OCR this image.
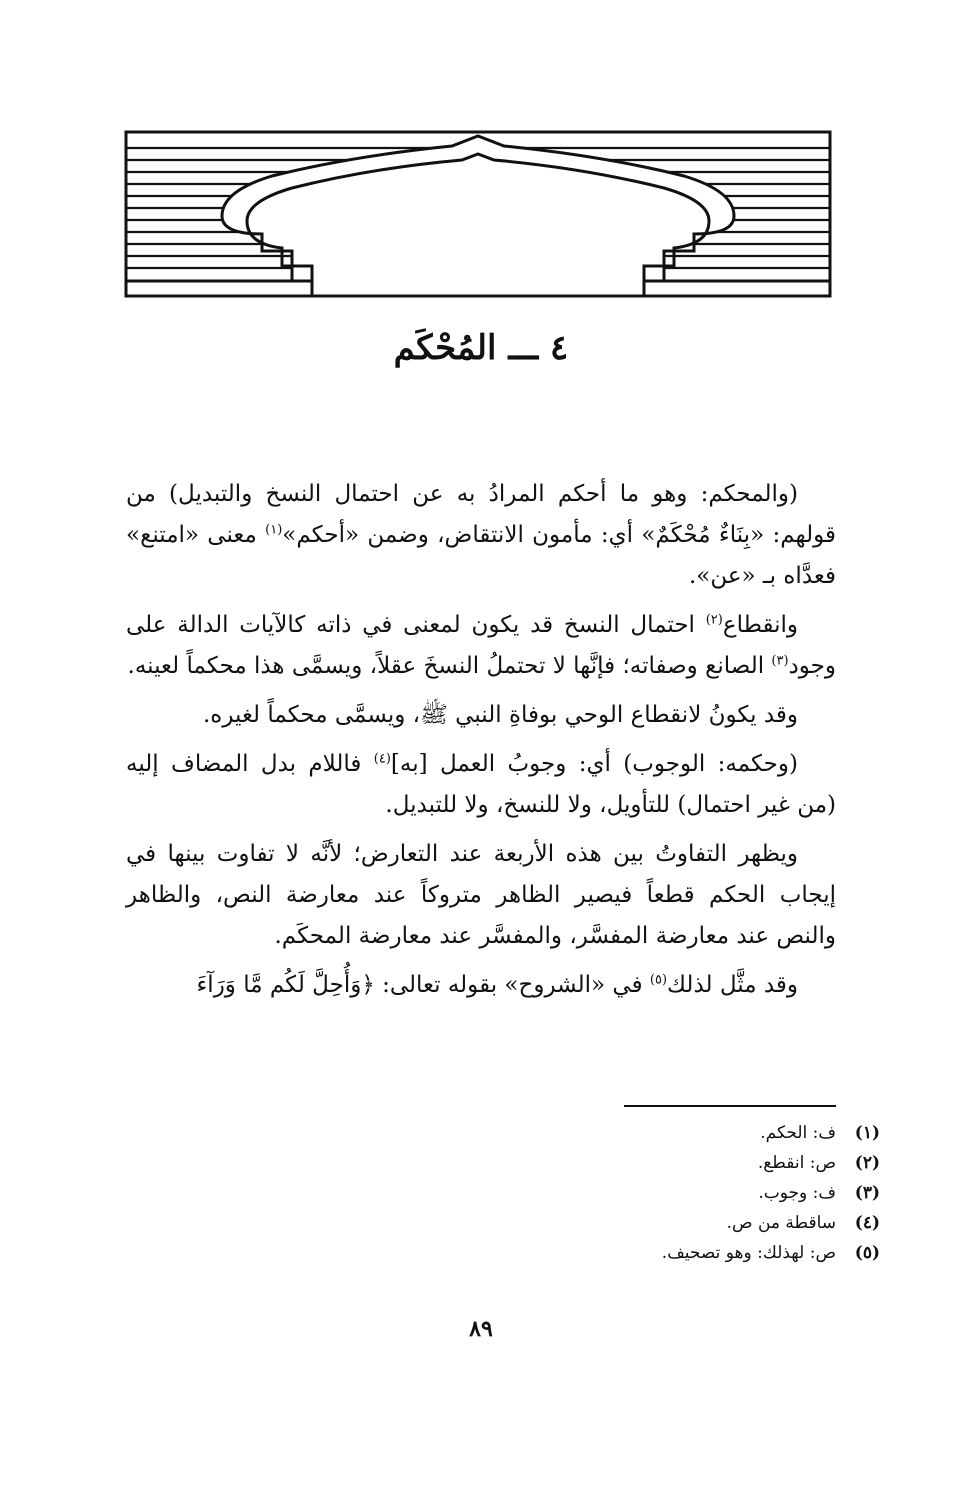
٤ ـــ المُحْكَم

(والمحكم: وهو ما أحكم المرادُ به عن احتمال النسخ والتبديل) من قولهم: «بِنَاءٌ مُحْكَمٌ» أي: مأمون الانتقاض، وضمن «أحكم»$^{(١)}$ معنى «امتنع» فعدَّاه بـ «عن».

وانقطاع$^{(٢)}$ احتمال النسخ قد يكون لمعنى في ذاته كالآيات الدالة على وجود$^{(٣)}$ الصانع وصفاته؛ فإنَّها لا تحتملُ النسخَ عقلاً، ويسمَّى هذا محكماً لعينه.

وقد يكونُ لانقطاع الوحي بوفاةِ النبي ﷺ، ويسمَّى محكماً لغيره.

(وحكمه: الوجوب) أي: وجوبُ العمل [به]$^{(٤)}$ فاللام بدل المضاف إليه (من غير احتمال) للتأويل، ولا للنسخ، ولا للتبديل.

ويظهر التفاوتُ بين هذه الأربعة عند التعارض؛ لأنَّه لا تفاوت بينها في إيجاب الحكم قطعاً فيصير الظاهر متروكاً عند معارضة النص، والظاهر والنص عند معارضة المفسَّر، والمفسَّر عند معارضة المحكَم.

وقد مثَّل لذلك$^{(٥)}$ في «الشروح» بقوله تعالى: ﴿وَأُحِلَّ لَكُم مَّا وَرَآءَ

(١)ف: الحكم.
(٢)ص: انقطع.
(٣)ف: وجوب.
(٤)ساقطة من ص.
(٥)ص: لهذلك: وهو تصحيف.
٨٩
